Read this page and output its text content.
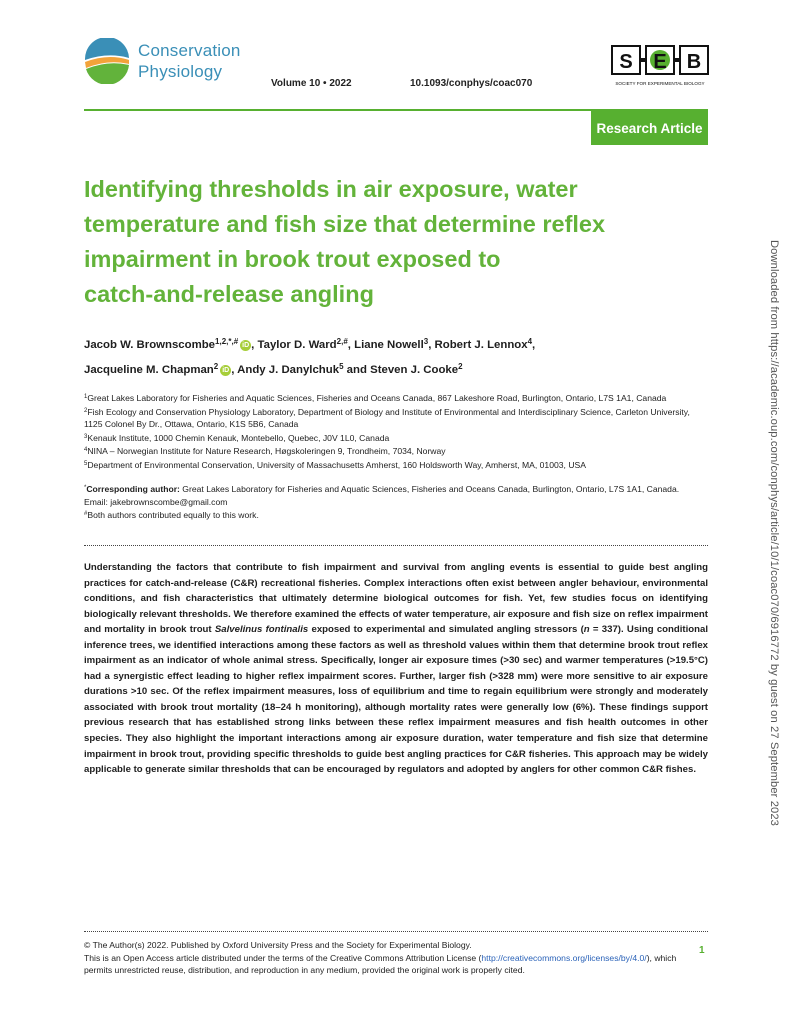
Conservation
Physiology
Volume 10 • 2022	10.1093/conphys/coac070
S E B
SOCIETY FOR EXPERIMENTAL BIOLOGY
Research Article
Identifying thresholds in air exposure, water
temperature and fish size that determine reflex
impairment in brook trout exposed to
catch-and-release angling
Jacob W. Brownscombe$^{1,2,*,\#}$ iD , Taylor D. Ward$^{2,\#}$, Liane Nowell$^3$, Robert J. Lennox$^4$,
Jacqueline M. Chapman$^2$ iD , Andy J. Danylchuk$^5$ and Steven J. Cooke$^2$
$^1$Great Lakes Laboratory for Fisheries and Aquatic Sciences, Fisheries and Oceans Canada, 867 Lakeshore Road, Burlington, Ontario, L7S 1A1, Canada
$^2$Fish Ecology and Conservation Physiology Laboratory, Department of Biology and Institute of Environmental and Interdisciplinary Science, Carleton University, 1125 Colonel By Dr., Ottawa, Ontario, K1S 5B6, Canada
$^3$Kenauk Institute, 1000 Chemin Kenauk, Montebello, Quebec, J0V 1L0, Canada
$^4$NINA – Norwegian Institute for Nature Research, Høgskoleringen 9, Trondheim, 7034, Norway
$^5$Department of Environmental Conservation, University of Massachusetts Amherst, 160 Holdsworth Way, Amherst, MA, 01003, USA
*Corresponding author: Great Lakes Laboratory for Fisheries and Aquatic Sciences, Fisheries and Oceans Canada, Burlington, Ontario, L7S 1A1, Canada. Email: jakebrownscombe@gmail.com
#Both authors contributed equally to this work.
Understanding the factors that contribute to fish impairment and survival from angling events is essential to guide best angling practices for catch-and-release (C&R) recreational fisheries. Complex interactions often exist between angler behaviour, environmental conditions, and fish characteristics that ultimately determine biological outcomes for fish. Yet, few studies focus on identifying biologically relevant thresholds. We therefore examined the effects of water temperature, air exposure and fish size on reflex impairment and mortality in brook trout Salvelinus fontinalis exposed to experimental and simulated angling stressors (n = 337). Using conditional inference trees, we identified interactions among these factors as well as threshold values within them that determine brook trout reflex impairment as an indicator of whole animal stress. Specifically, longer air exposure times (>30 sec) and warmer temperatures (>19.5°C) had a synergistic effect leading to higher reflex impairment scores. Further, larger fish (>328 mm) were more sensitive to air exposure durations >10 sec. Of the reflex impairment measures, loss of equilibrium and time to regain equilibrium were strongly and moderately associated with brook trout mortality (18–24 h monitoring), although mortality rates were generally low (6%). These findings support previous research that has established strong links between these reflex impairment measures and fish health outcomes in other species. They also highlight the important interactions among air exposure duration, water temperature and fish size that determine impairment in brook trout, providing specific thresholds to guide best angling practices for C&R fisheries. This approach may be widely applicable to generate similar thresholds that can be encouraged by regulators and adopted by anglers for other common C&R fishes.
© The Author(s) 2022. Published by Oxford University Press and the Society for Experimental Biology.
This is an Open Access article distributed under the terms of the Creative Commons Attribution License (http://creativecommons.org/licenses/by/4.0/), which permits unrestricted reuse, distribution, and reproduction in any medium, provided the original work is properly cited.
1
Downloaded from https://academic.oup.com/conphys/article/10/1/coac070/6916772 by guest on 27 September 2023
